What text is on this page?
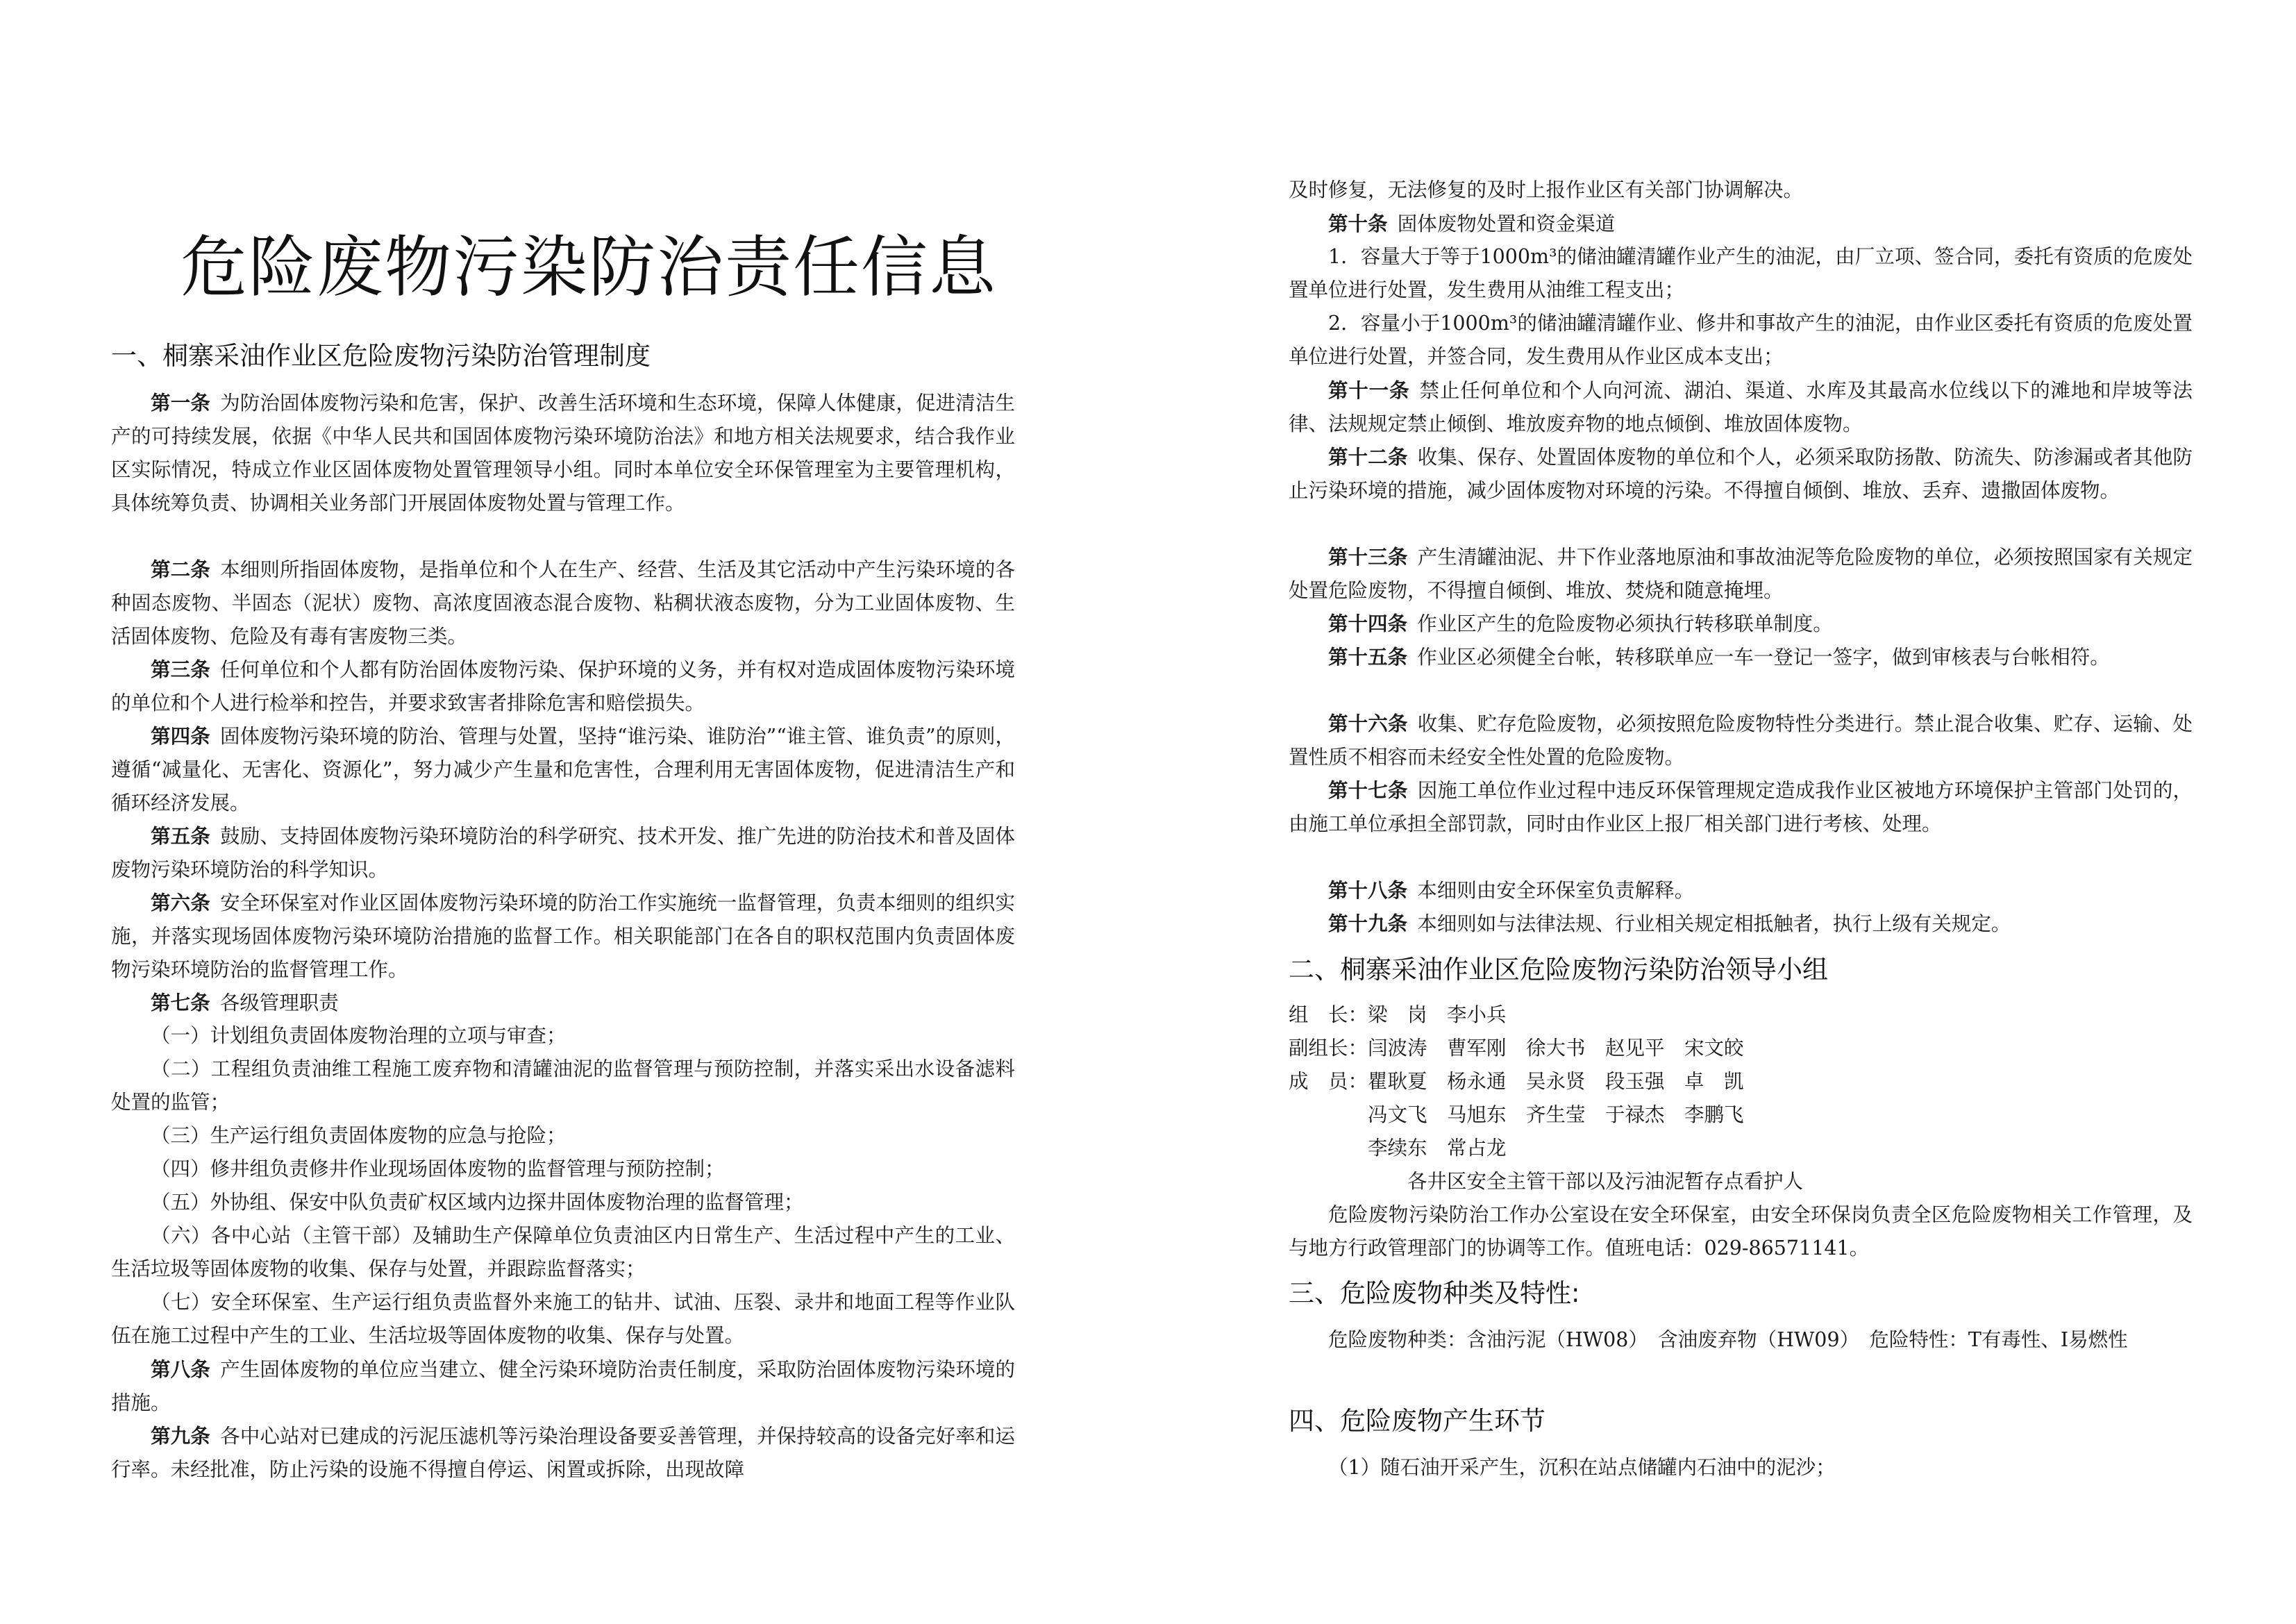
危险废物污染防治责任信息
一、桐寨采油作业区危险废物污染防治管理制度
第一条 为防治固体废物污染和危害，保护、改善生活环境和生态环境，保障人体健康，促进清洁生产的可持续发展，依据《中华人民共和国固体废物污染环境防治法》和地方相关法规要求，结合我作业区实际情况，特成立作业区固体废物处置管理领导小组。同时本单位安全环保管理室为主要管理机构，具体统筹负责、协调相关业务部门开展固体废物处置与管理工作。
第二条 本细则所指固体废物，是指单位和个人在生产、经营、生活及其它活动中产生污染环境的各种固态废物、半固态（泥状）废物、高浓度固液态混合废物、粘稠状液态废物，分为工业固体废物、生活固体废物、危险及有毒有害废物三类。
第三条 任何单位和个人都有防治固体废物污染、保护环境的义务，并有权对造成固体废物污染环境的单位和个人进行检举和控告，并要求致害者排除危害和赔偿损失。
第四条 固体废物污染环境的防治、管理与处置，坚持“谁污染、谁防治”“谁主管、谁负责”的原则，遵循“减量化、无害化、资源化”，努力减少产生量和危害性，合理利用无害固体废物，促进清洁生产和循环经济发展。
第五条 鼓励、支持固体废物污染环境防治的科学研究、技术开发、推广先进的防治技术和普及固体废物污染环境防治的科学知识。
第六条 安全环保室对作业区固体废物污染环境的防治工作实施统一监督管理，负责本细则的组织实施，并落实现场固体废物污染环境防治措施的监督工作。相关职能部门在各自的职权范围内负责固体废物污染环境防治的监督管理工作。
第七条 各级管理职责
（一）计划组负责固体废物治理的立项与审查；
（二）工程组负责油维工程施工废弃物和清罐油泥的监督管理与预防控制，并落实采出水设备滤料处置的监管；
（三）生产运行组负责固体废物的应急与抢险；
（四）修井组负责修井作业现场固体废物的监督管理与预防控制；
（五）外协组、保安中队负责矿权区域内边探井固体废物治理的监督管理；
（六）各中心站（主管干部）及辅助生产保障单位负责油区内日常生产、生活过程中产生的工业、生活垃圾等固体废物的收集、保存与处置，并跟踪监督落实；
（七）安全环保室、生产运行组负责监督外来施工的钻井、试油、压裂、录井和地面工程等作业队伍在施工过程中产生的工业、生活垃圾等固体废物的收集、保存与处置。
第八条 产生固体废物的单位应当建立、健全污染环境防治责任制度，采取防治固体废物污染环境的措施。
第九条 各中心站对已建成的污泥压滤机等污染治理设备要妥善管理，并保持较高的设备完好率和运行率。未经批准，防止污染的设施不得擅自停运、闲置或拆除，出现故障
及时修复，无法修复的及时上报作业区有关部门协调解决。
第十条 固体废物处置和资金渠道
1．容量大于等于1000m³的储油罐清罐作业产生的油泥，由厂立项、签合同，委托有资质的危废处置单位进行处置，发生费用从油维工程支出；
2．容量小于1000m³的储油罐清罐作业、修井和事故产生的油泥，由作业区委托有资质的危废处置单位进行处置，并签合同，发生费用从作业区成本支出；
第十一条 禁止任何单位和个人向河流、湖泊、渠道、水库及其最高水位线以下的滩地和岸坡等法律、法规规定禁止倾倒、堆放废弃物的地点倾倒、堆放固体废物。
第十二条 收集、保存、处置固体废物的单位和个人，必须采取防扬散、防流失、防渗漏或者其他防止污染环境的措施，减少固体废物对环境的污染。不得擅自倾倒、堆放、丢弃、遗撒固体废物。
第十三条 产生清罐油泥、井下作业落地原油和事故油泥等危险废物的单位，必须按照国家有关规定处置危险废物，不得擅自倾倒、堆放、焚烧和随意掩埋。
第十四条 作业区产生的危险废物必须执行转移联单制度。
第十五条 作业区必须健全台帐，转移联单应一车一登记一签字，做到审核表与台帐相符。
第十六条 收集、贮存危险废物，必须按照危险废物特性分类进行。禁止混合收集、贮存、运输、处置性质不相容而未经安全性处置的危险废物。
第十七条 因施工单位作业过程中违反环保管理规定造成我作业区被地方环境保护主管部门处罚的，由施工单位承担全部罚款，同时由作业区上报厂相关部门进行考核、处理。
第十八条 本细则由安全环保室负责解释。
第十九条 本细则如与法律法规、行业相关规定相抵触者，执行上级有关规定。
二、桐寨采油作业区危险废物污染防治领导小组
组　长：梁　岗　李小兵
副组长：闫波涛　曹军刚　徐大书　赵见平　宋文皎
成　员：瞿耿夏　杨永通　吴永贤　段玉强　卓　凯
　　　　冯文飞　马旭东　齐生莹　于禄杰　李鹏飞
　　　　李续东　常占龙
　　　　　　各井区安全主管干部以及污油泥暂存点看护人
危险废物污染防治工作办公室设在安全环保室，由安全环保岗负责全区危险废物相关工作管理，及与地方行政管理部门的协调等工作。值班电话：029-86571141。
三、危险废物种类及特性:
危险废物种类：含油污泥（HW08）　含油废弃物（HW09）　危险特性：T有毒性、I易燃性
四、危险废物产生环节
（1）随石油开采产生，沉积在站点储罐内石油中的泥沙；
